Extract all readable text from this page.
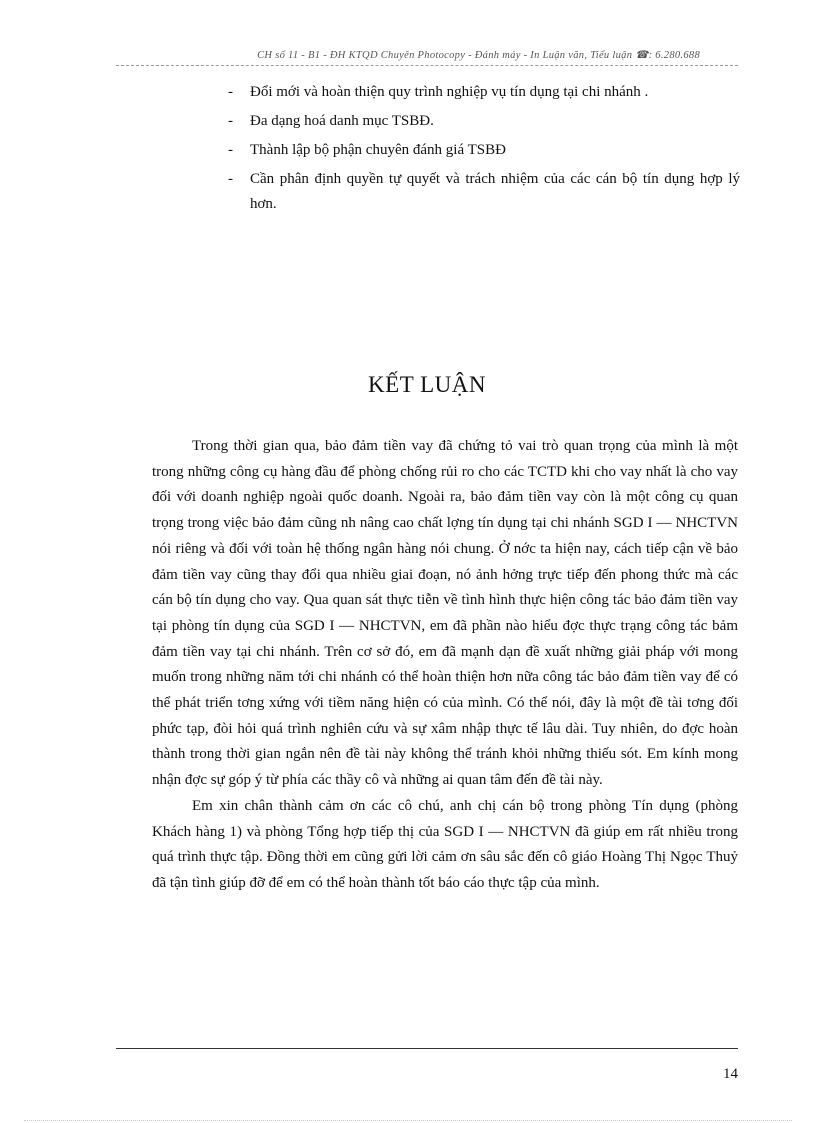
CH số 11 - B1 - ĐH KTQD Chuyên Photocopy - Đánh máy - In Luận văn, Tiểu luận ☎: 6.280.688
- Đổi mới và hoàn thiện quy trình nghiệp vụ tín dụng tại chi nhánh .
- Đa dạng hoá danh mục TSBĐ.
- Thành lập bộ phận chuyên đánh giá TSBĐ
- Cần phân định quyền tự quyết và trách nhiệm của các cán bộ tín dụng hợp lý hơn.
KẾT LUẬN

Trong thời gian qua, bảo đảm tiền vay đã chứng tỏ vai trò quan trọng của mình là một trong những công cụ hàng đầu để phòng chống rủi ro cho các TCTD khi cho vay nhất là cho vay đối với doanh nghiệp ngoài quốc doanh. Ngoài ra, bảo đảm tiền vay còn là một công cụ quan trọng trong việc bảo đảm cũng nh nâng cao chất lợng tín dụng tại chi nhánh SGD I — NHCTVN nói riêng và đối với toàn hệ thống ngân hàng nói chung. Ở nớc ta hiện nay, cách tiếp cận về bảo đảm tiền vay cũng thay đổi qua nhiều giai đoạn, nó ảnh hởng trực tiếp đến phong thức mà các cán bộ tín dụng cho vay. Qua quan sát thực tiễn về tình hình thực hiện công tác bảo đảm tiền vay tại phòng tín dụng của SGD I — NHCTVN, em đã phần nào hiểu đợc thực trạng công tác bảm đảm tiền vay tại chi nhánh. Trên cơ sở đó, em đã mạnh dạn đề xuất những giải pháp với mong muốn trong những năm tới chi nhánh có thể hoàn thiện hơn nữa công tác bảo đảm tiền vay để có thể phát triển tơng xứng với tiềm năng hiện có của mình. Có thể nói, đây là một đề tài tơng đối phức tạp, đòi hỏi quá trình nghiên cứu và sự xâm nhập thực tế lâu dài. Tuy nhiên, do đợc hoàn thành trong thời gian ngắn nên đề tài này không thể tránh khỏi những thiếu sót. Em kính mong nhận đợc sự góp ý từ phía các thầy cô và những ai quan tâm đến đề tài này.

Em xin chân thành cảm ơn các cô chú, anh chị cán bộ trong phòng Tín dụng (phòng Khách hàng 1) và phòng Tổng hợp tiếp thị của SGD I — NHCTVN đã giúp em rất nhiều trong quá trình thực tập. Đồng thời em cũng gửi lời cảm ơn sâu sắc đến cô giáo Hoàng Thị Ngọc Thuỷ đã tận tình giúp đỡ để em có thể hoàn thành tốt báo cáo thực tập của mình.

14
